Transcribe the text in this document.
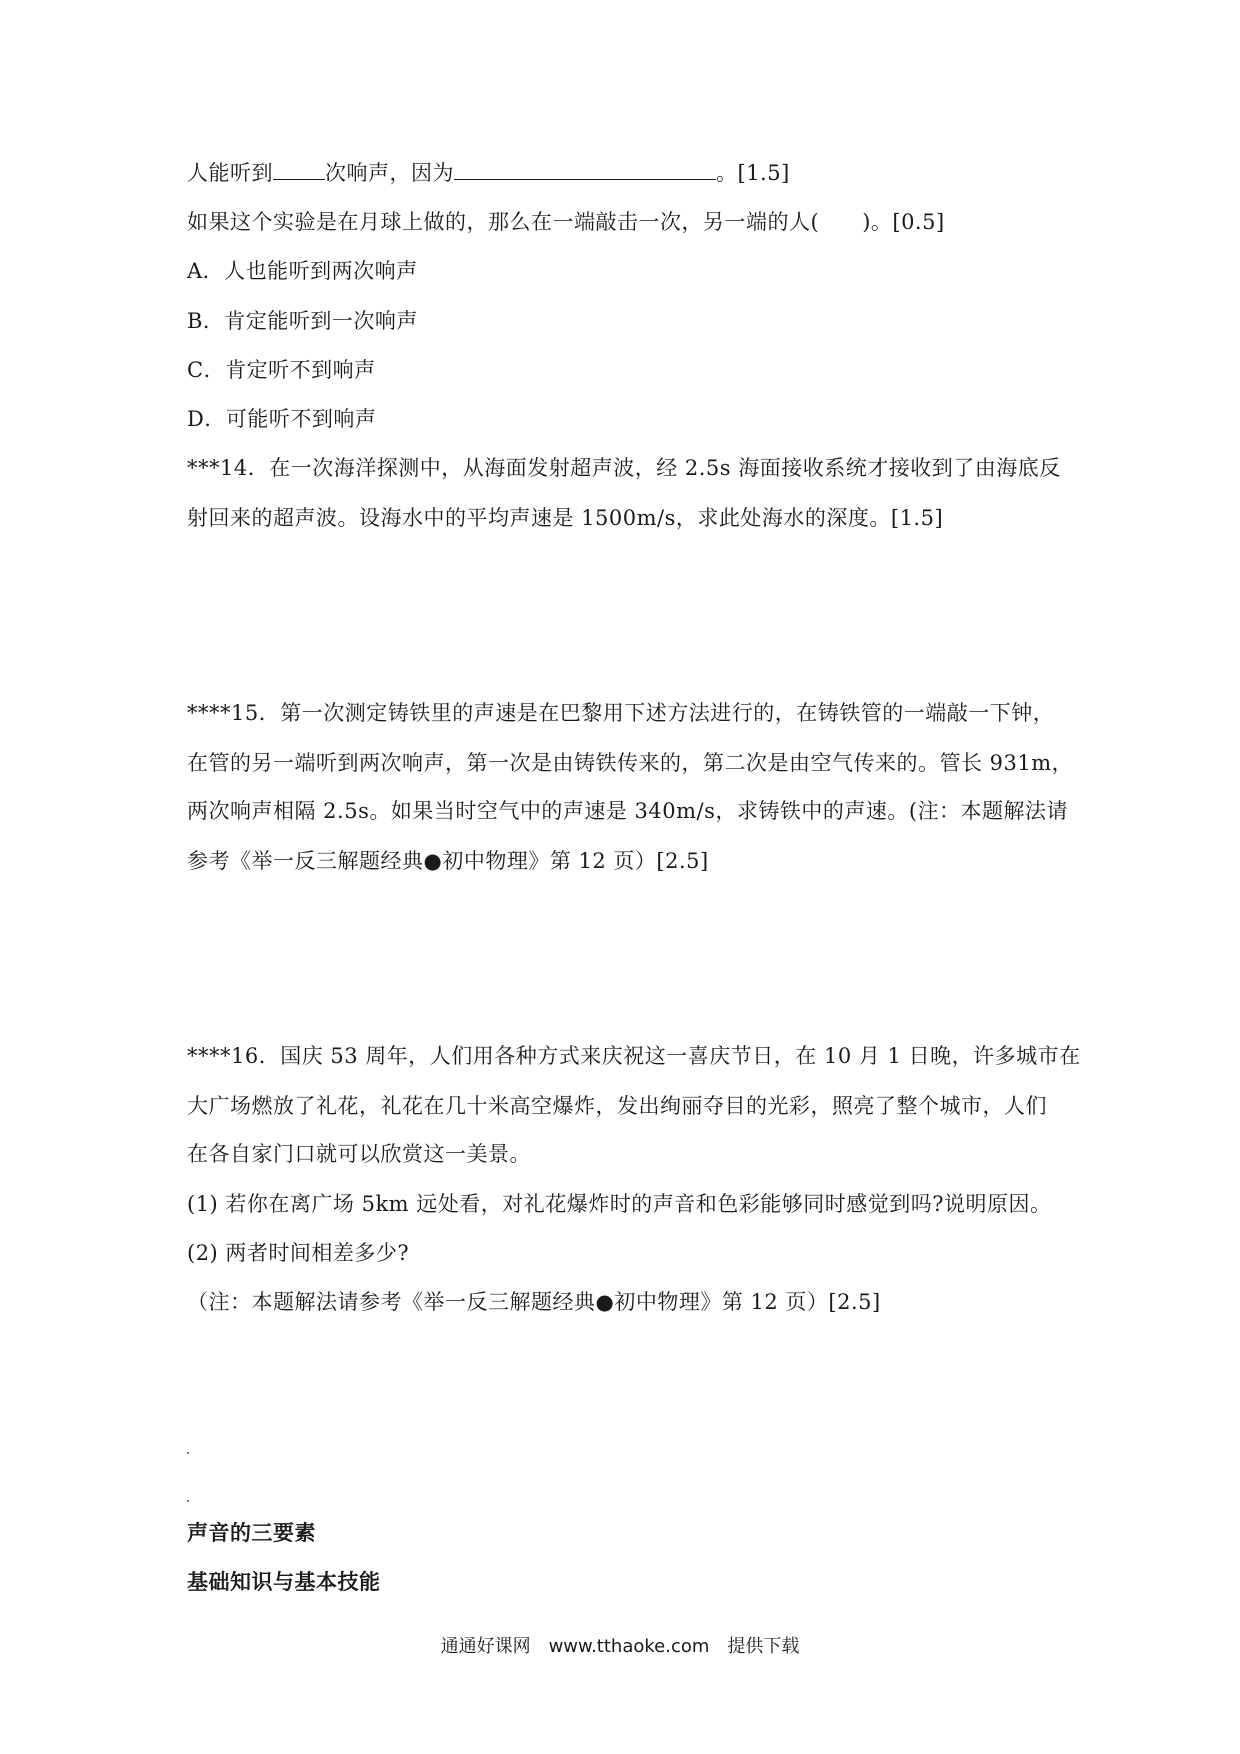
人能听到 次响声，因为	。[1.5]
如果这个实验是在月球上做的，那么在一端敲击一次，另一端的人(　　)。[0.5]
A．人也能听到两次响声
B．肯定能听到一次响声
C．肯定听不到响声
D．可能听不到响声
***14．在一次海洋探测中，从海面发射超声波，经 2.5s 海面接收系统才接收到了由海底反
射回来的超声波。设海水中的平均声速是 1500m/s，求此处海水的深度。[1.5]
****15．第一次测定铸铁里的声速是在巴黎用下述方法进行的，在铸铁管的一端敲一下钟，
在管的另一端听到两次响声，第一次是由铸铁传来的，第二次是由空气传来的。管长 931m，
两次响声相隔 2.5s。如果当时空气中的声速是 340m/s，求铸铁中的声速。(注：本题解法请
参考《举一反三解题经典●初中物理》第 12 页）[2.5]
****16．国庆 53 周年，人们用各种方式来庆祝这一喜庆节日，在 10 月 1 日晚，许多城市在
大广场燃放了礼花，礼花在几十米高空爆炸，发出绚丽夺目的光彩，照亮了整个城市，人们
在各自家门口就可以欣赏这一美景。
(1) 若你在离广场 5km 远处看，对礼花爆炸时的声音和色彩能够同时感觉到吗?说明原因。
(2) 两者时间相差多少?
（注：本题解法请参考《举一反三解题经典●初中物理》第 12 页）[2.5]
声音的三要素
基础知识与基本技能
通通好课网　www.tthaoke.com　提供下载
